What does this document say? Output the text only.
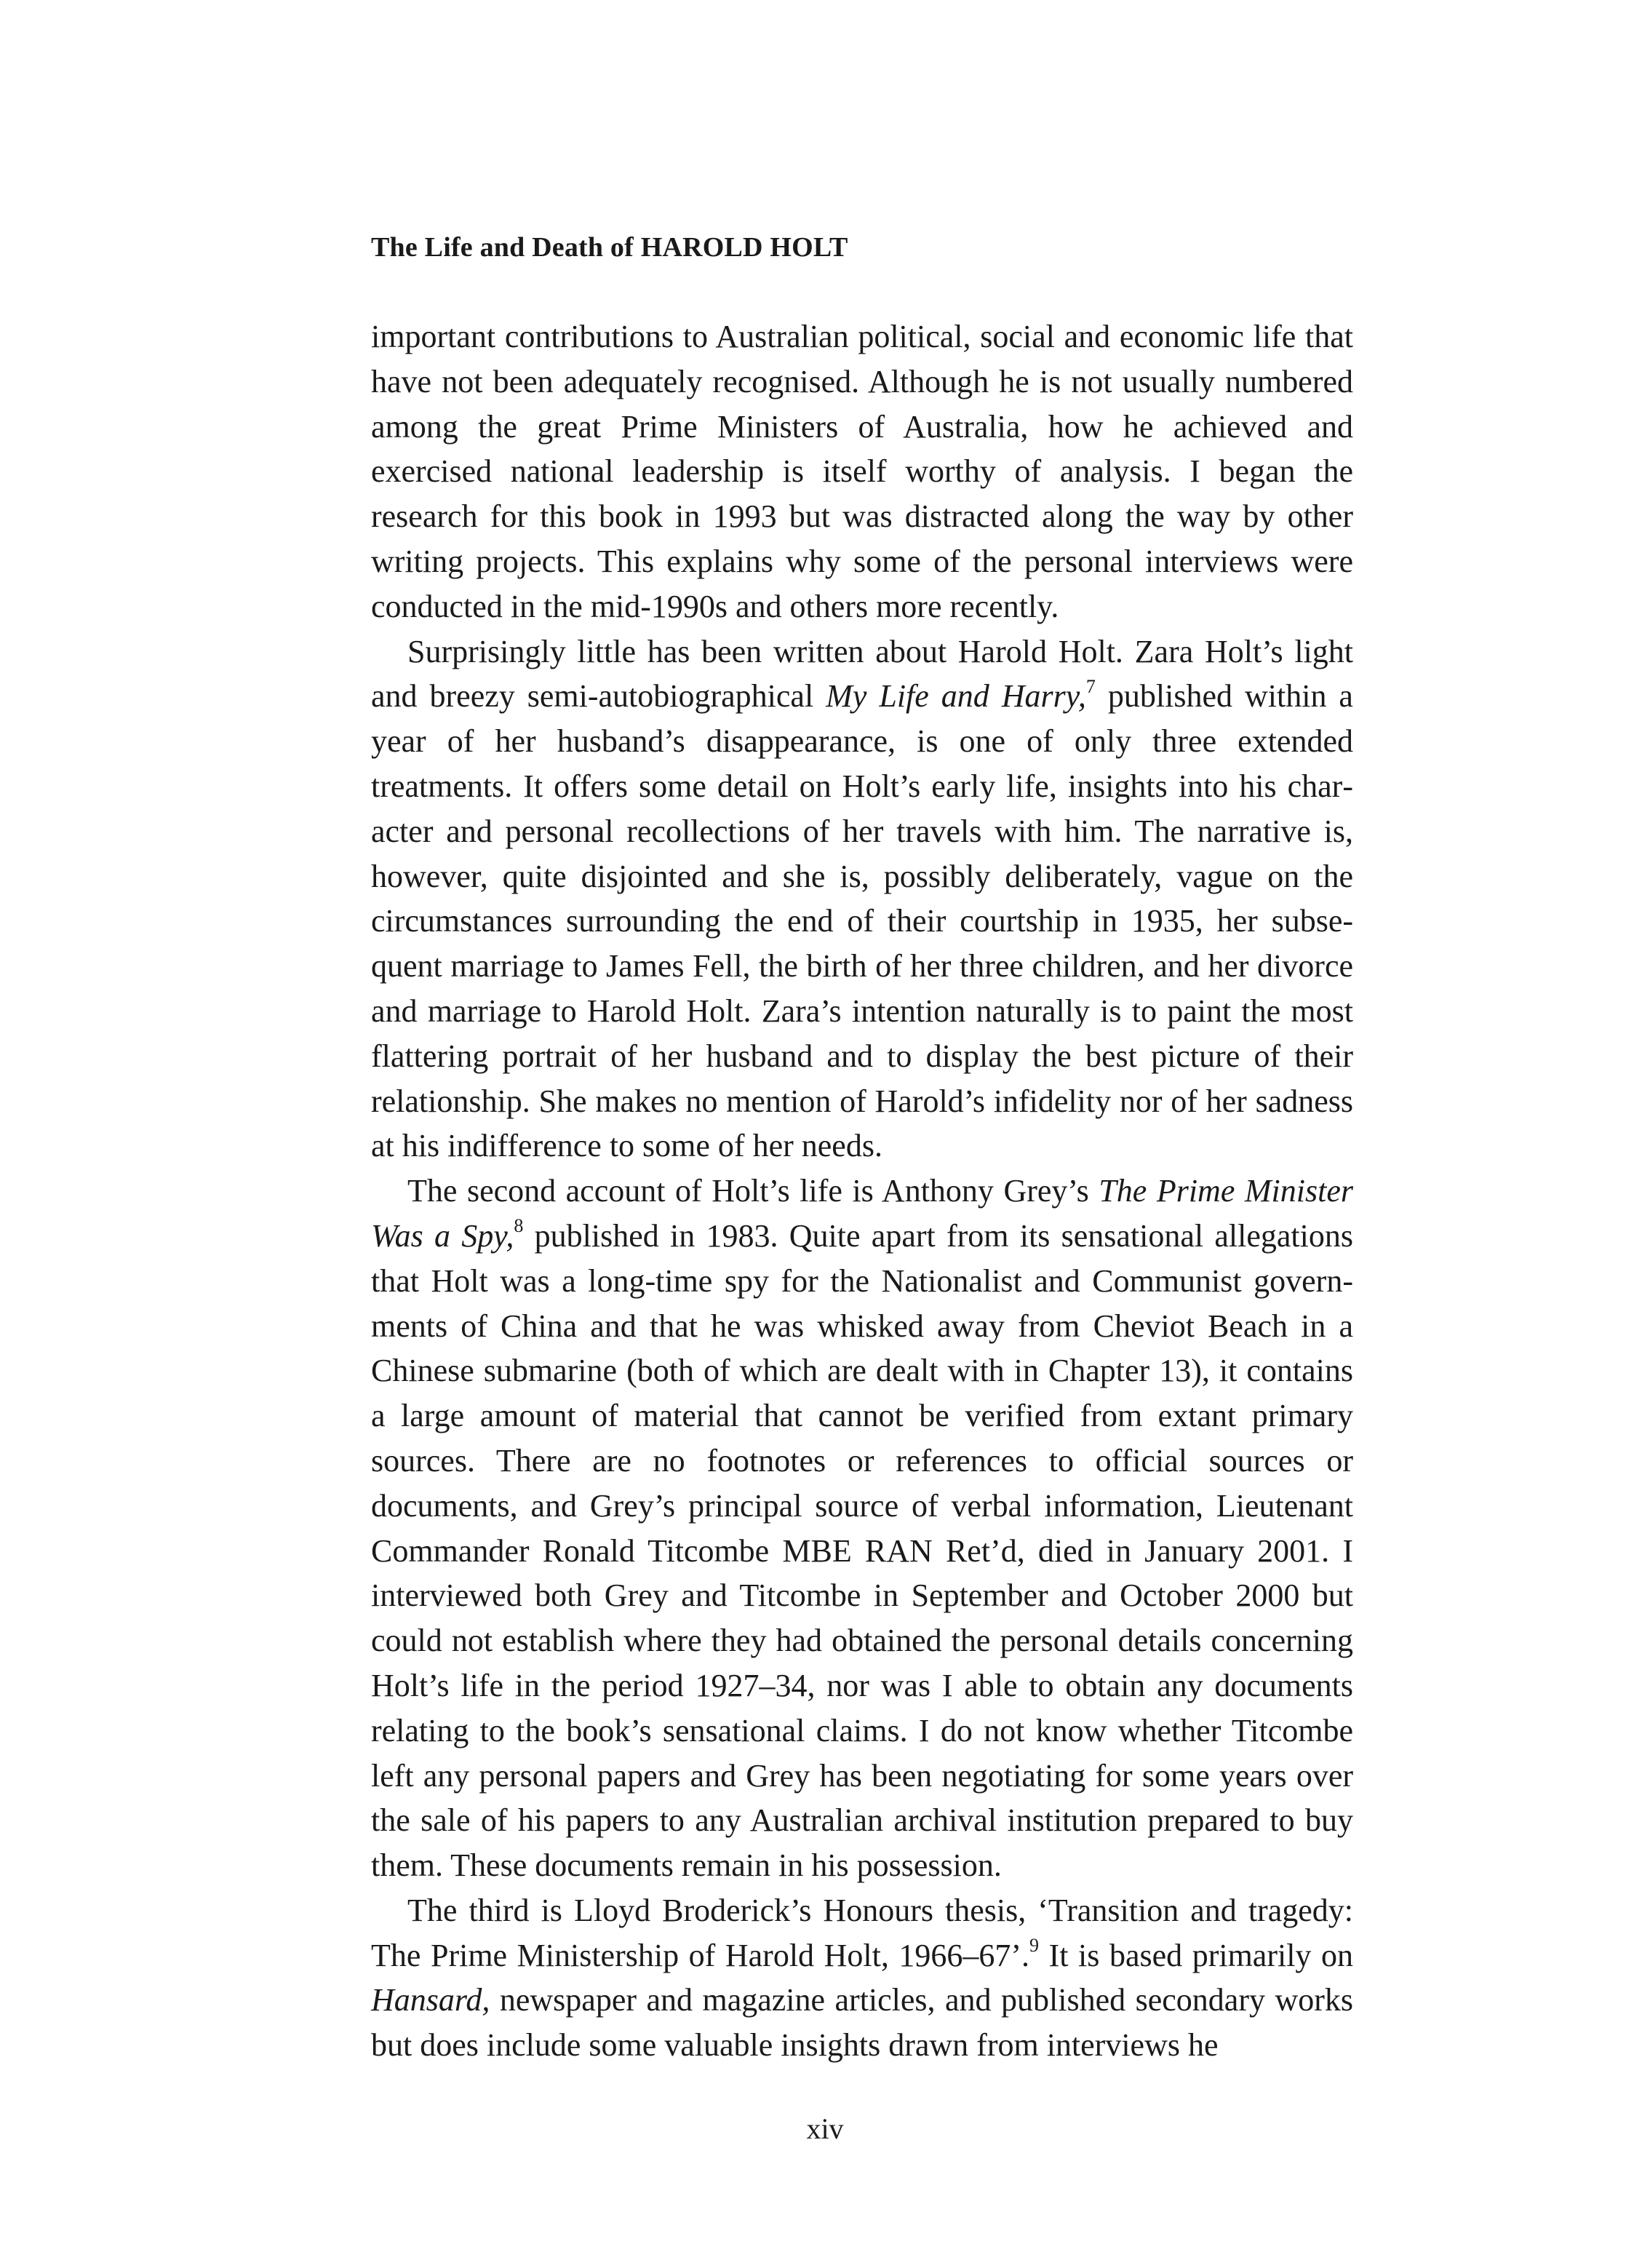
The Life and Death of HAROLD HOLT

important contributions to Australian political, social and economic life that have not been adequately recognised. Although he is not usually numbered among the great Prime Ministers of Australia, how he achieved and exercised national leadership is itself worthy of analysis. I began the research for this book in 1993 but was distracted along the way by other writing projects. This explains why some of the personal interviews were conducted in the mid-1990s and others more recently.

Surprisingly little has been written about Harold Holt. Zara Holt’s light and breezy semi-autobiographical My Life and Harry,$^7$ published within a year of her husband’s disappearance, is one of only three extended treatments. It offers some detail on Holt’s early life, insights into his character and personal recollections of her travels with him. The narrative is, however, quite disjointed and she is, possibly deliberately, vague on the circumstances surrounding the end of their courtship in 1935, her subsequent marriage to James Fell, the birth of her three children, and her divorce and marriage to Harold Holt. Zara’s intention naturally is to paint the most flattering portrait of her husband and to display the best picture of their relationship. She makes no mention of Harold’s infidelity nor of her sadness at his indifference to some of her needs.

The second account of Holt’s life is Anthony Grey’s The Prime Minister Was a Spy,$^8$ published in 1983. Quite apart from its sensational allegations that Holt was a long-time spy for the Nationalist and Communist governments of China and that he was whisked away from Cheviot Beach in a Chinese submarine (both of which are dealt with in Chapter 13), it contains a large amount of material that cannot be verified from extant primary sources. There are no footnotes or references to official sources or documents, and Grey’s principal source of verbal information, Lieutenant Commander Ronald Titcombe MBE RAN Ret’d, died in January 2001. I interviewed both Grey and Titcombe in September and October 2000 but could not establish where they had obtained the personal details concerning Holt’s life in the period 1927–34, nor was I able to obtain any documents relating to the book’s sensational claims. I do not know whether Titcombe left any personal papers and Grey has been negotiating for some years over the sale of his papers to any Australian archival institution prepared to buy them. These documents remain in his possession.

The third is Lloyd Broderick’s Honours thesis, ‘Transition and tragedy: The Prime Ministership of Harold Holt, 1966–67’.$^9$ It is based primarily on Hansard, newspaper and magazine articles, and published secondary works but does include some valuable insights drawn from interviews he

xiv
